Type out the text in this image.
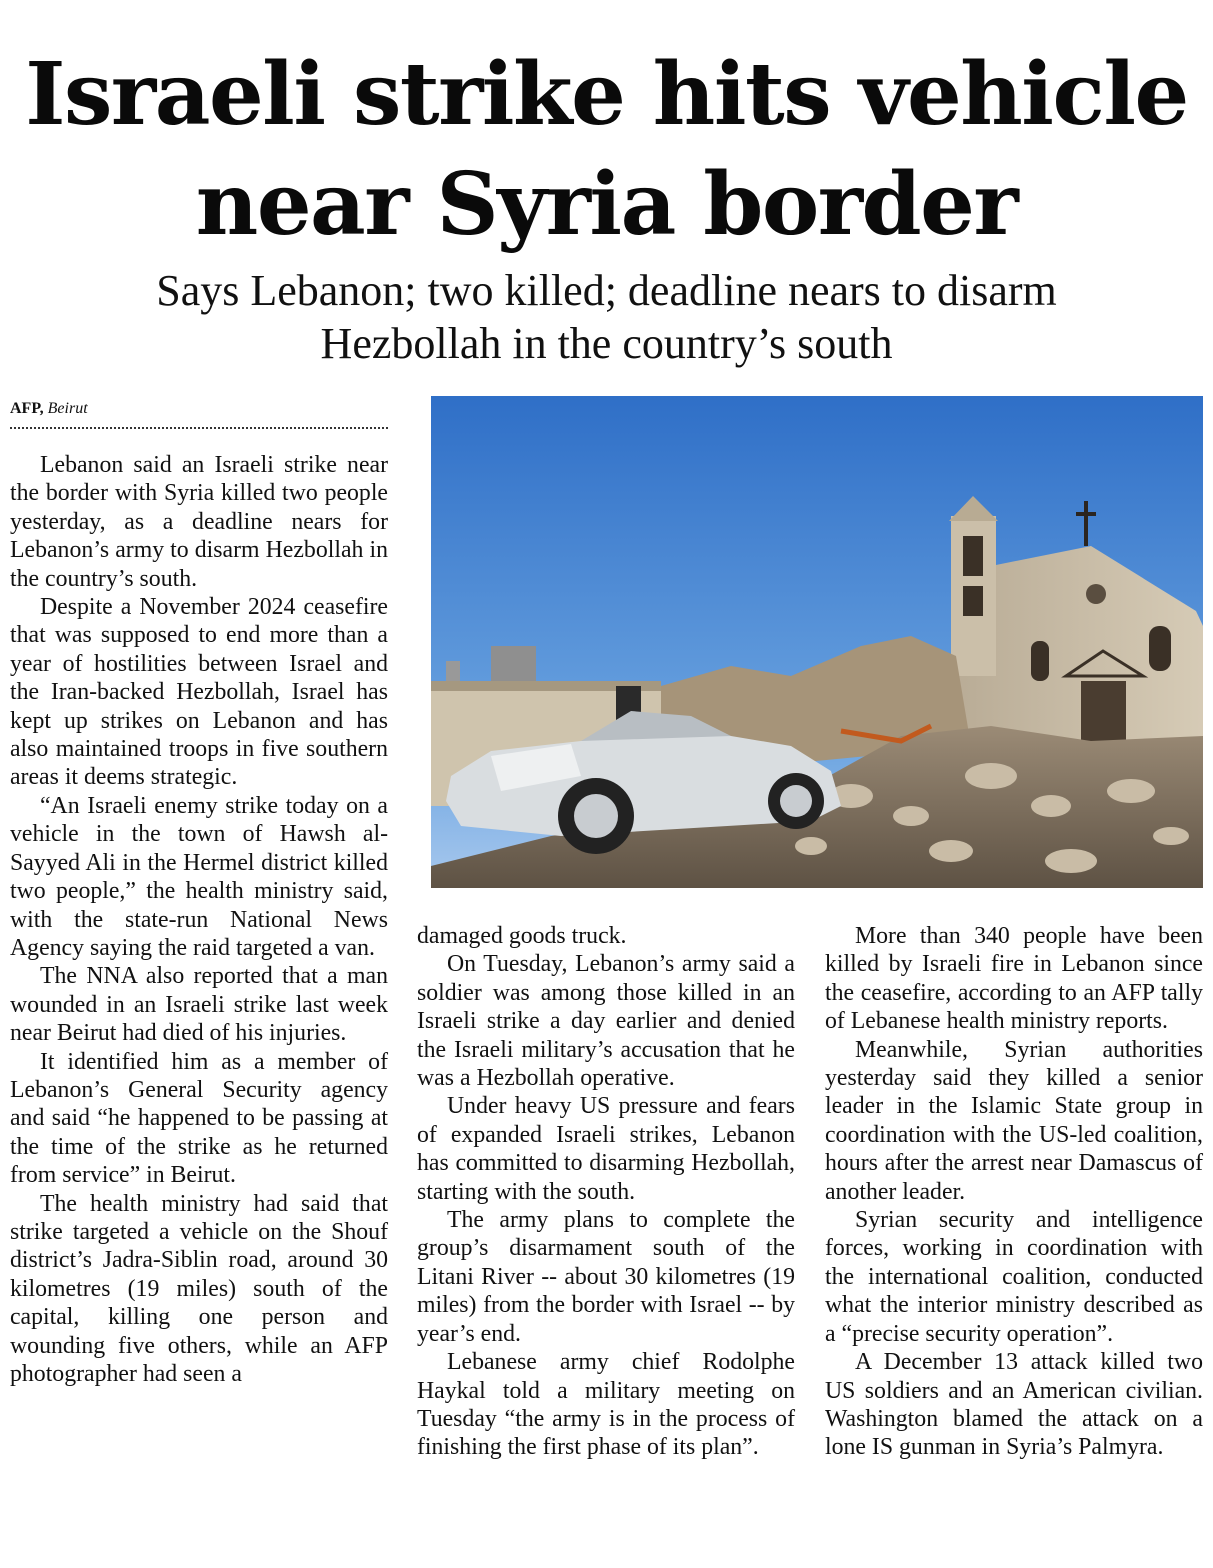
Israeli strike hits vehicle
near Syria border
Says Lebanon; two killed; deadline nears to disarm
Hezbollah in the country’s south
AFP, Beirut

Lebanon said an Israeli strike near the border with Syria killed two people yesterday, as a deadline nears for Lebanon’s army to disarm Hezbollah in the country’s south.

Despite a November 2024 ceasefire that was supposed to end more than a year of hostilities between Israel and the Iran-backed Hezbollah, Israel has kept up strikes on Lebanon and has also maintained troops in five southern areas it deems strategic.

“An Israeli enemy strike today on a vehicle in the town of Hawsh al-Sayyed Ali in the Hermel district killed two people,” the health ministry said, with the state-run National News Agency saying the raid targeted a van.

The NNA also reported that a man wounded in an Israeli strike last week near Beirut had died of his injuries.

It identified him as a member of Lebanon’s General Security agency and said “he happened to be passing at the time of the strike as he returned from service” in Beirut.

The health ministry had said that strike targeted a vehicle on the Shouf district’s Jadra-Siblin road, around 30 kilometres (19 miles) south of the capital, killing one person and wounding five others, while an AFP photographer had seen a

damaged goods truck.

On Tuesday, Lebanon’s army said a soldier was among those killed in an Israeli strike a day earlier and denied the Israeli military’s accusation that he was a Hezbollah operative.

Under heavy US pressure and fears of expanded Israeli strikes, Lebanon has committed to disarming Hezbollah, starting with the south.

The army plans to complete the group’s disarmament south of the Litani River -- about 30 kilometres (19 miles) from the border with Israel -- by year’s end.

Lebanese army chief Rodolphe Haykal told a military meeting on Tuesday “the army is in the process of finishing the first phase of its plan”.

More than 340 people have been killed by Israeli fire in Lebanon since the ceasefire, according to an AFP tally of Lebanese health ministry reports.

Meanwhile, Syrian authorities yesterday said they killed a senior leader in the Islamic State group in coordination with the US-led coalition, hours after the arrest near Damascus of another leader.

Syrian security and intelligence forces, working in coordination with the international coalition, conducted what the interior ministry described as a “precise security operation”.

A December 13 attack killed two US soldiers and an American civilian. Washington blamed the attack on a lone IS gunman in Syria’s Palmyra.
